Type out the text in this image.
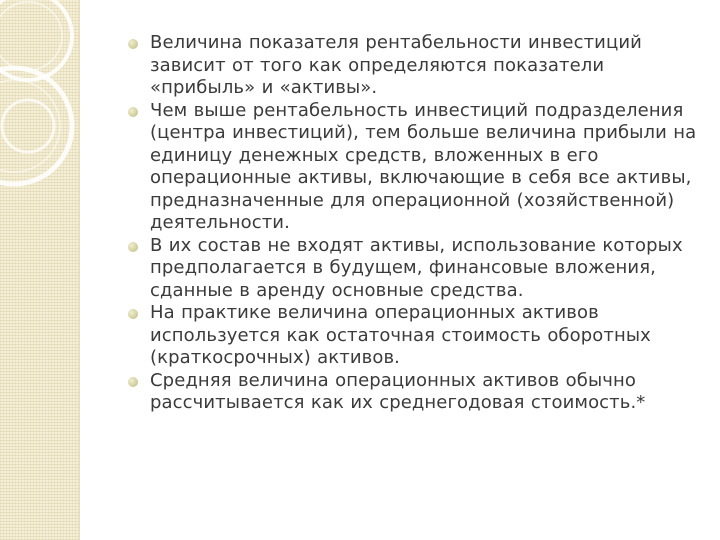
Величина показателя рентабельности инвестиций зависит от того как определяются показатели «прибыль» и «активы».
Чем выше рентабельность инвестиций подразделения (центра инвестиций), тем больше величина прибыли на единицу денежных средств, вложенных в его операционные активы, включающие в себя все активы, предназначенные для операционной (хозяйственной) деятельности.
В их состав не входят активы, использование которых предполагается в будущем, финансовые вложения, сданные в аренду основные средства.
На практике величина операционных активов используется как остаточная стоимость оборотных (краткосрочных) активов.
Средняя величина операционных активов обычно рассчитывается как их среднегодовая стоимость.*
